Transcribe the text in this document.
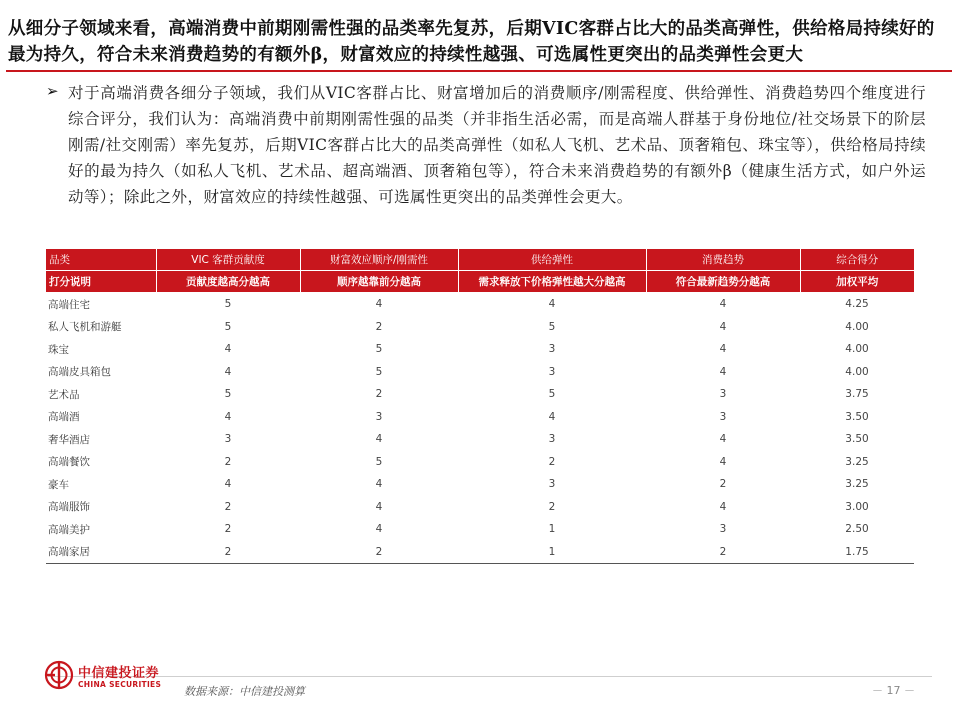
从细分子领域来看，高端消费中前期刚需性强的品类率先复苏，后期VIC客群占比大的品类高弹性，供给格局持续好的最为持久，符合未来消费趋势的有额外β，财富效应的持续性越强、可选属性更突出的品类弹性会更大
➢ 对于高端消费各细分子领域，我们从VIC客群占比、财富增加后的消费顺序/刚需程度、供给弹性、消费趋势四个维度进行综合评分，我们认为：高端消费中前期刚需性强的品类（并非指生活必需，而是高端人群基于身份地位/社交场景下的阶层刚需/社交刚需）率先复苏，后期VIC客群占比大的品类高弹性（如私人飞机、艺术品、顶奢箱包、珠宝等），供给格局持续好的最为持久（如私人飞机、艺术品、超高端酒、顶奢箱包等），符合未来消费趋势的有额外β（健康生活方式，如户外运动等）；除此之外，财富效应的持续性越强、可选属性更突出的品类弹性会更大。
品类	VIC 客群贡献度	财富效应顺序/刚需性	供给弹性	消费趋势	综合得分
打分说明	贡献度越高分越高	顺序越靠前分越高	需求释放下价格弹性越大分越高	符合最新趋势分越高	加权平均
高端住宅	5	4	4	4	4.25
私人飞机和游艇	5	2	5	4	4.00
珠宝	4	5	3	4	4.00
高端皮具箱包	4	5	3	4	4.00
艺术品	5	2	5	3	3.75
高端酒	4	3	4	3	3.50
奢华酒店	3	4	3	4	3.50
高端餐饮	2	5	2	4	3.25
豪车	4	4	3	2	3.25
高端服饰	2	4	2	4	3.00
高端美护	2	4	1	3	2.50
高端家居	2	2	1	2	1.75
中信建投证券
CHINA SECURITIES
数据来源：中信建投测算	－ 17 －
